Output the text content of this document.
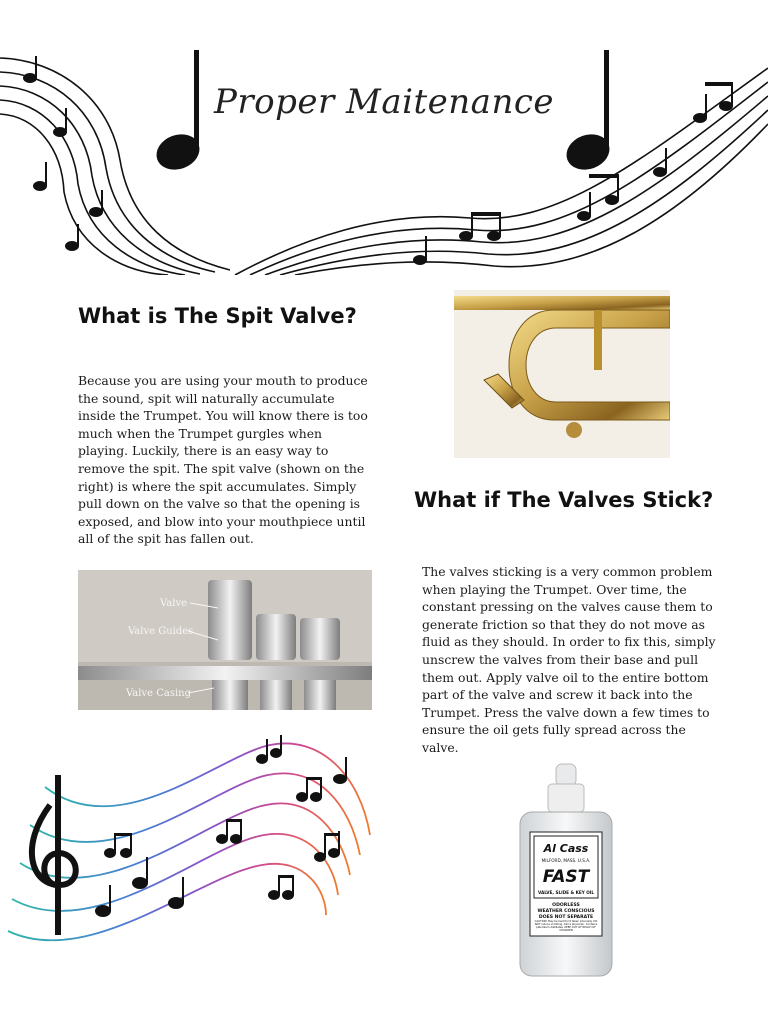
Proper Maitenance
What is The Spit Valve?

Because you are using your mouth to produce the sound, spit will naturally accumulate inside the Trumpet. You will know there is too much when the Trumpet gurgles when playing. Luckily, there is an easy way to remove the spit. The spit valve (shown on the right) is where the spit accumulates. Simply pull down on the valve so that the opening is exposed, and blow into your mouthpiece until all of the spit has fallen out.

What if The Valves Stick?

The valves sticking is a very common problem when playing the Trumpet. Over time, the constant pressing on the valves cause them to generate friction so that they do not move as fluid as they should. In order to fix this, simply unscrew the valves from their base and pull them out. Apply valve oil to the entire bottom part of the valve and screw it back into the Trumpet. Press the valve down a few times to ensure the oil gets fully spread across the valve.

Valve
Valve Guides
Valve Casing
Al Cass
MILFORD, MASS. U.S.A.
FAST
VALVE, SLIDE & KEY OIL
ODORLESS
WEATHER CONSCIOUS
DOES NOT SEPARATE
CAUTION: May be harmful if taken internally. DO NOT induce vomiting. Call a physician. Contains petroleum distillates. KEEP OUT OF REACH OF CHILDREN
